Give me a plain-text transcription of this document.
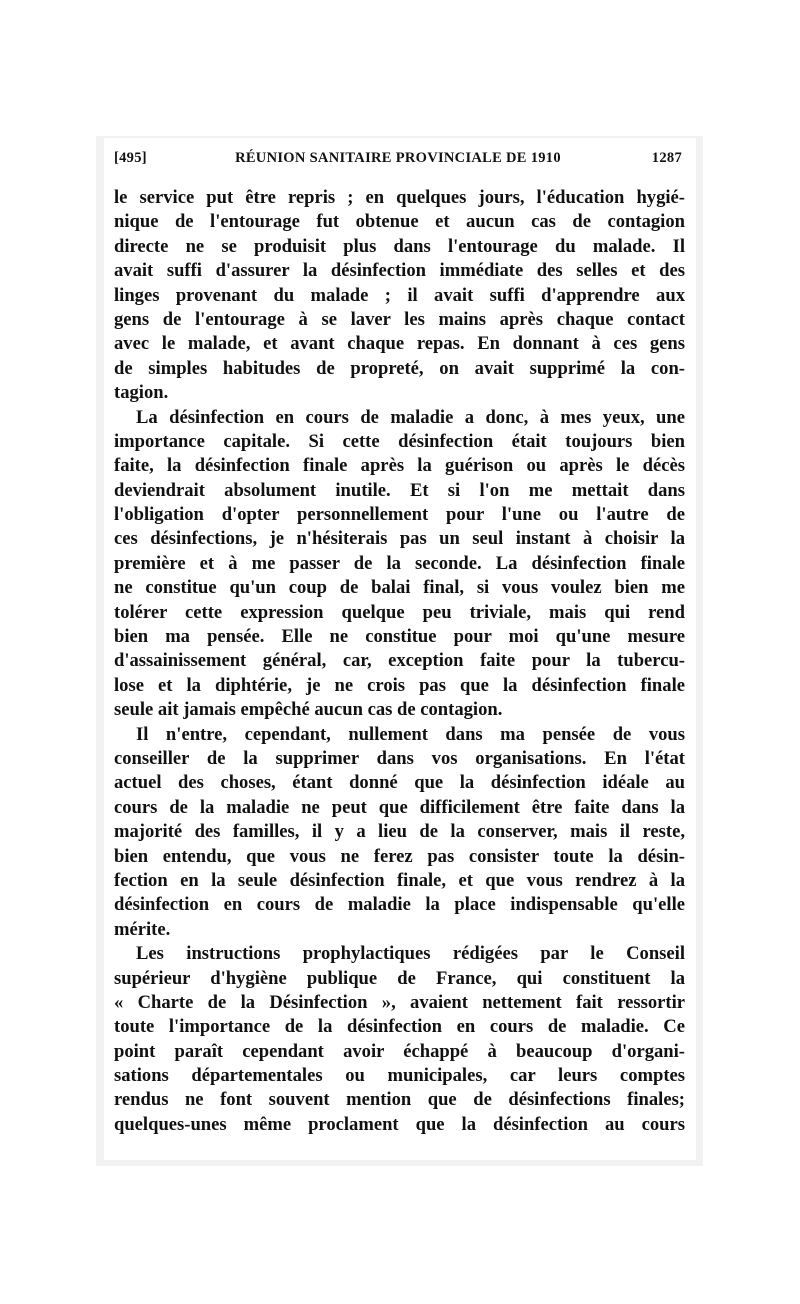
[495]	RÉUNION SANITAIRE PROVINCIALE DE 1910	1287
le service put être repris ; en quelques jours, l'éducation hygié-
nique de l'entourage fut obtenue et aucun cas de contagion
directe ne se produisit plus dans l'entourage du malade. Il
avait suffi d'assurer la désinfection immédiate des selles et des
linges provenant du malade ; il avait suffi d'apprendre aux
gens de l'entourage à se laver les mains après chaque contact
avec le malade, et avant chaque repas. En donnant à ces gens
de simples habitudes de propreté, on avait supprimé la con-
tagion.
La désinfection en cours de maladie a donc, à mes yeux, une
importance capitale. Si cette désinfection était toujours bien
faite, la désinfection finale après la guérison ou après le décès
deviendrait absolument inutile. Et si l'on me mettait dans
l'obligation d'opter personnellement pour l'une ou l'autre de
ces désinfections, je n'hésiterais pas un seul instant à choisir la
première et à me passer de la seconde. La désinfection finale
ne constitue qu'un coup de balai final, si vous voulez bien me
tolérer cette expression quelque peu triviale, mais qui rend
bien ma pensée. Elle ne constitue pour moi qu'une mesure
d'assainissement général, car, exception faite pour la tubercu-
lose et la diphtérie, je ne crois pas que la désinfection finale
seule ait jamais empêché aucun cas de contagion.
Il n'entre, cependant, nullement dans ma pensée de vous
conseiller de la supprimer dans vos organisations. En l'état
actuel des choses, étant donné que la désinfection idéale au
cours de la maladie ne peut que difficilement être faite dans la
majorité des familles, il y a lieu de la conserver, mais il reste,
bien entendu, que vous ne ferez pas consister toute la désin-
fection en la seule désinfection finale, et que vous rendrez à la
désinfection en cours de maladie la place indispensable qu'elle
mérite.
Les instructions prophylactiques rédigées par le Conseil
supérieur d'hygiène publique de France, qui constituent la
« Charte de la Désinfection », avaient nettement fait ressortir
toute l'importance de la désinfection en cours de maladie. Ce
point paraît cependant avoir échappé à beaucoup d'organi-
sations départementales ou municipales, car leurs comptes
rendus ne font souvent mention que de désinfections finales;
quelques-unes même proclament que la désinfection au cours
